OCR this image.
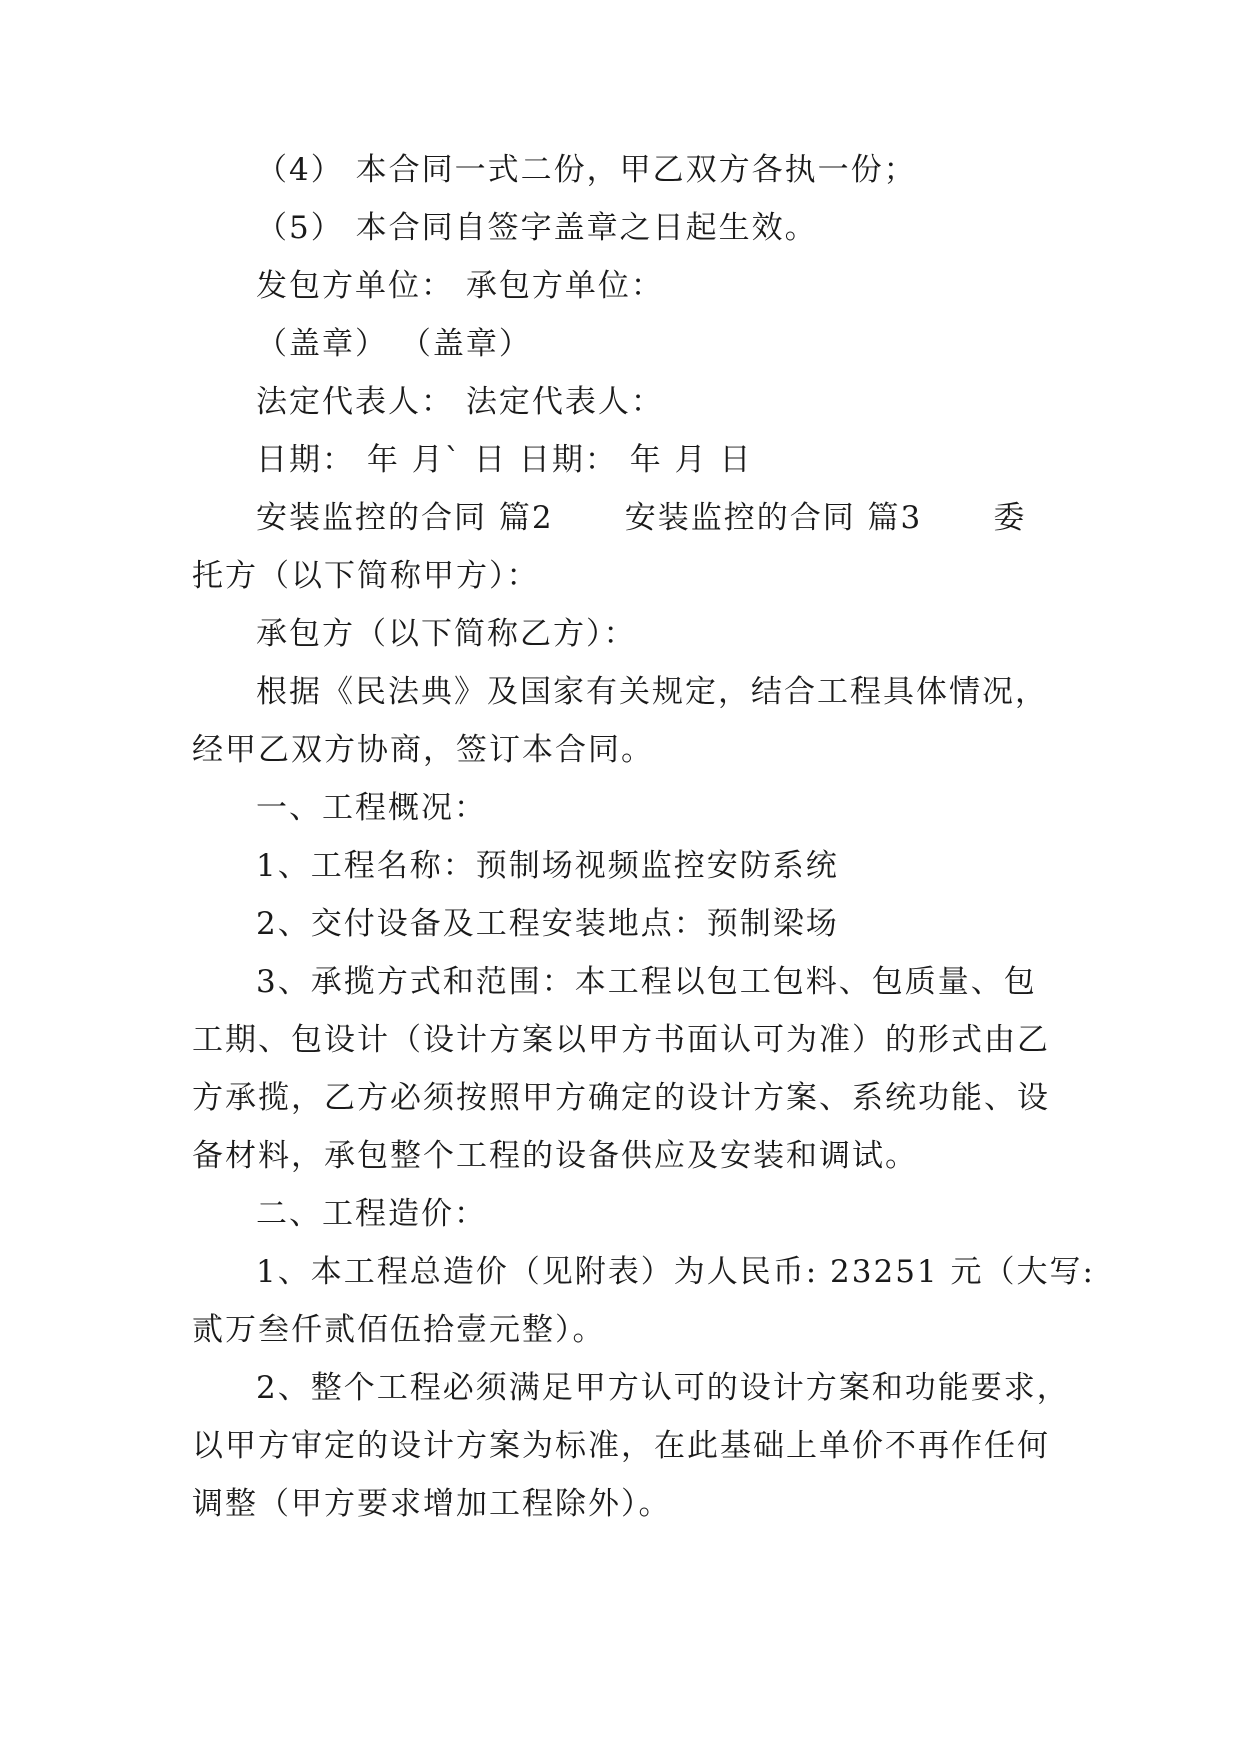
（4） 本合同一式二份，甲乙双方各执一份；

（5） 本合同自签字盖章之日起生效。

发包方单位： 承包方单位：

（盖章） （盖章）

法定代表人： 法定代表人：

日期： 年 月` 日 日期： 年 月 日

安装监控的合同 篇2      安装监控的合同 篇3      委

托方（以下简称甲方）：

承包方（以下简称乙方）：

根据《民法典》及国家有关规定，结合工程具体情况，

经甲乙双方协商，签订本合同。

一、工程概况：

1、工程名称：预制场视频监控安防系统

2、交付设备及工程安装地点：预制梁场

3、承揽方式和范围：本工程以包工包料、包质量、包

工期、包设计（设计方案以甲方书面认可为准）的形式由乙

方承揽，乙方必须按照甲方确定的设计方案、系统功能、设

备材料，承包整个工程的设备供应及安装和调试。

二、工程造价：

1、本工程总造价（见附表）为人民币: 23251 元（大写:

贰万叁仟贰佰伍拾壹元整）。

2、整个工程必须满足甲方认可的设计方案和功能要求，

以甲方审定的设计方案为标准，在此基础上单价不再作任何

调整（甲方要求增加工程除外）。
